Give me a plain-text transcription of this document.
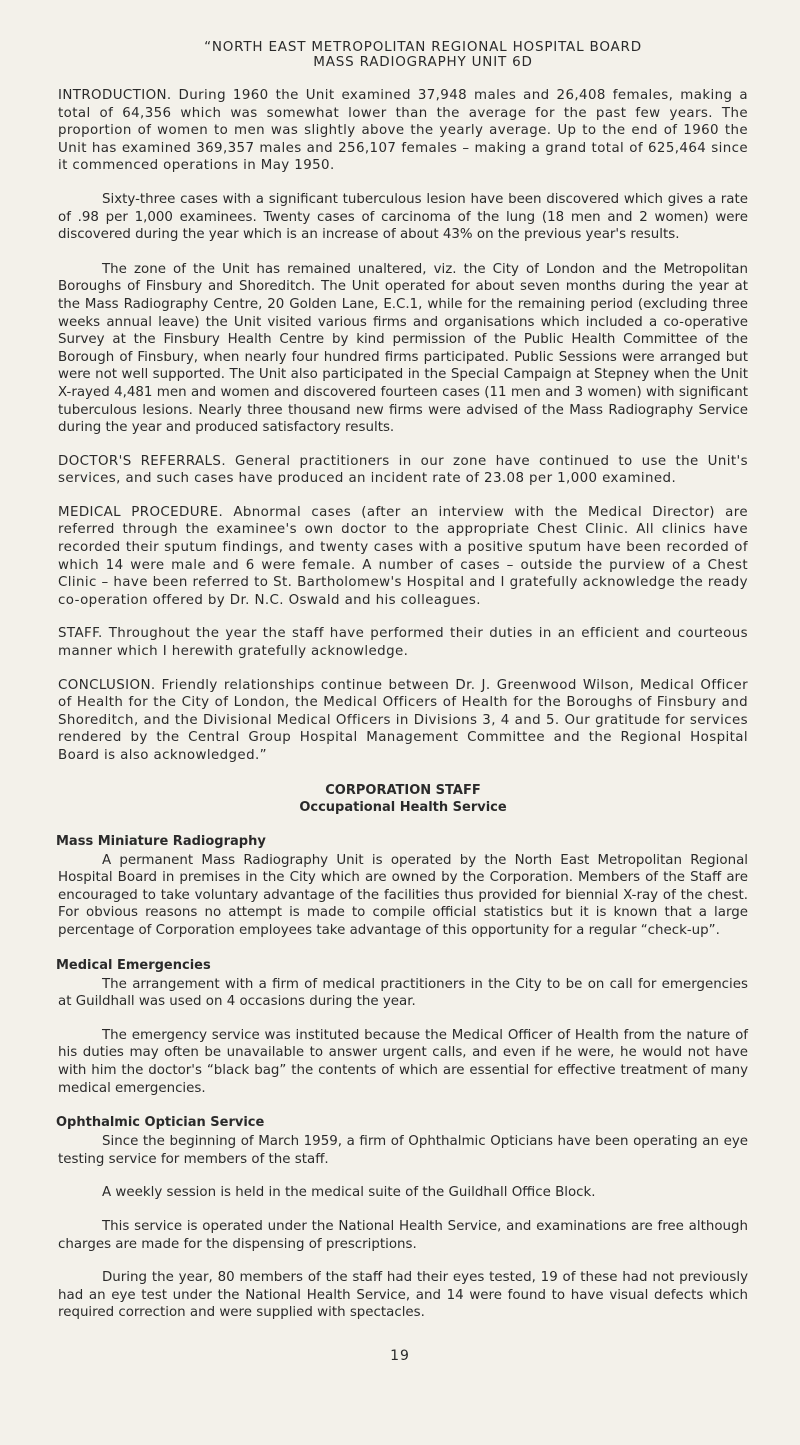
“NORTH EAST METROPOLITAN REGIONAL HOSPITAL BOARD
MASS RADIOGRAPHY UNIT 6D

INTRODUCTION. During 1960 the Unit examined 37,948 males and 26,408 females, making a total of 64,356 which was somewhat lower than the average for the past few years. The proportion of women to men was slightly above the yearly average. Up to the end of 1960 the Unit has examined 369,357 males and 256,107 females – making a grand total of 625,464 since it commenced operations in May 1950.

Sixty-three cases with a significant tuberculous lesion have been discovered which gives a rate of .98 per 1,000 examinees. Twenty cases of carcinoma of the lung (18 men and 2 women) were discovered during the year which is an increase of about 43% on the previous year's results.

The zone of the Unit has remained unaltered, viz. the City of London and the Metropolitan Boroughs of Finsbury and Shoreditch. The Unit operated for about seven months during the year at the Mass Radiography Centre, 20 Golden Lane, E.C.1, while for the remaining period (excluding three weeks annual leave) the Unit visited various firms and organisations which included a co-operative Survey at the Finsbury Health Centre by kind permission of the Public Health Committee of the Borough of Finsbury, when nearly four hundred firms participated. Public Sessions were arranged but were not well supported. The Unit also participated in the Special Campaign at Stepney when the Unit X-rayed 4,481 men and women and discovered fourteen cases (11 men and 3 women) with significant tuberculous lesions. Nearly three thousand new firms were advised of the Mass Radiography Service during the year and produced satisfactory results.

DOCTOR'S REFERRALS. General practitioners in our zone have continued to use the Unit's services, and such cases have produced an incident rate of 23.08 per 1,000 examined.

MEDICAL PROCEDURE. Abnormal cases (after an interview with the Medical Director) are referred through the examinee's own doctor to the appropriate Chest Clinic. All clinics have recorded their sputum findings, and twenty cases with a positive sputum have been recorded of which 14 were male and 6 were female. A number of cases – outside the purview of a Chest Clinic – have been referred to St. Bartholomew's Hospital and I gratefully acknowledge the ready co-operation offered by Dr. N.C. Oswald and his colleagues.

STAFF. Throughout the year the staff have performed their duties in an efficient and courteous manner which I herewith gratefully acknowledge.

CONCLUSION. Friendly relationships continue between Dr. J. Greenwood Wilson, Medical Officer of Health for the City of London, the Medical Officers of Health for the Boroughs of Finsbury and Shoreditch, and the Divisional Medical Officers in Divisions 3, 4 and 5. Our gratitude for services rendered by the Central Group Hospital Management Committee and the Regional Hospital Board is also acknowledged.”

CORPORATION STAFF
Occupational Health Service
Mass Miniature Radiography

A permanent Mass Radiography Unit is operated by the North East Metropolitan Regional Hospital Board in premises in the City which are owned by the Corporation. Members of the Staff are encouraged to take voluntary advantage of the facilities thus provided for biennial X-ray of the chest. For obvious reasons no attempt is made to compile official statistics but it is known that a large percentage of Corporation employees take advantage of this opportunity for a regular “check-up”.

Medical Emergencies

The arrangement with a firm of medical practitioners in the City to be on call for emergencies at Guildhall was used on 4 occasions during the year.

The emergency service was instituted because the Medical Officer of Health from the nature of his duties may often be unavailable to answer urgent calls, and even if he were, he would not have with him the doctor's “black bag” the contents of which are essential for effective treatment of many medical emergencies.

Ophthalmic Optician Service

Since the beginning of March 1959, a firm of Ophthalmic Opticians have been operating an eye testing service for members of the staff.

A weekly session is held in the medical suite of the Guildhall Office Block.

This service is operated under the National Health Service, and examinations are free although charges are made for the dispensing of prescriptions.

During the year, 80 members of the staff had their eyes tested, 19 of these had not previously had an eye test under the National Health Service, and 14 were found to have visual defects which required correction and were supplied with spectacles.

19
